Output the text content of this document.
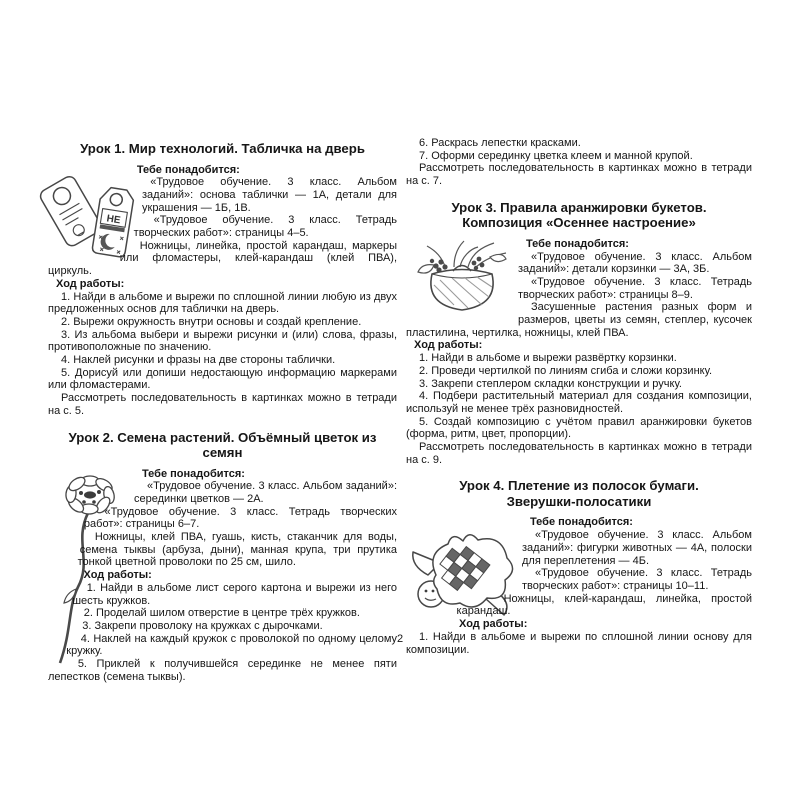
Урок 1. Мир технологий. Табличка на дверь
НЕ

Тебе понадобится:

«Трудовое обучение. 3 класс. Альбом заданий»: основа таблички — 1А, детали для украшения — 1Б, 1В.

«Трудовое обучение. 3 класс. Тетрадь творческих работ»: страницы 4–5.

Ножницы, линейка, простой карандаш, маркеры или фломастеры, клей-карандаш (клей ПВА), циркуль.

Ход работы:

1. Найди в альбоме и вырежи по сплошной линии любую из двух предложенных основ для таблички на дверь.

2. Вырежи окружность внутри основы и создай крепление.

3. Из альбома выбери и вырежи рисунки и (или) слова, фразы, противоположные по значению.

4. Наклей рисунки и фразы на две стороны таблички.

5. Дорисуй или допиши недостающую информацию маркерами или фломастерами.

Рассмотреть последовательность в картинках можно в тетради на с. 5.

Урок 2. Семена растений. Объёмный цветок из семян

Тебе понадобится:

«Трудовое обучение. 3 класс. Альбом заданий»: серединки цветков — 2А.

«Трудовое обучение. 3 класс. Тетрадь творческих работ»: страницы 6–7.

Ножницы, клей ПВА, гуашь, кисть, стаканчик для воды, семена тыквы (арбуза, дыни), манная крупа, три прутика тонкой цветной проволоки по 25 см, шило.

Ход работы:

1. Найди в альбоме лист серого картона и вырежи из него шесть кружков.

2. Проделай шилом отверстие в центре трёх кружков.

3. Закрепи проволоку на кружках с дырочками.

4. Наклей на каждый кружок с проволокой по одному целому кружку.

5. Приклей к получившейся серединке не менее пяти лепестков (семена тыквы).

6. Раскрась лепестки красками.

7. Оформи серединку цветка клеем и манной крупой.

Рассмотреть последовательность в картинках можно в тетради на с. 7.

Урок 3. Правила аранжировки букетов.
Композиция «Осеннее настроение»

Тебе понадобится:

«Трудовое обучение. 3 класс. Альбом заданий»: детали корзинки — 3А, 3Б.

«Трудовое обучение. 3 класс. Тетрадь творческих работ»: страницы 8–9.

Засушенные растения разных форм и размеров, цветы из семян, степлер, кусочек пластилина, чертилка, ножницы, клей ПВА.

Ход работы:

1. Найди в альбоме и вырежи развёртку корзинки.

2. Проведи чертилкой по линиям сгиба и сложи корзинку.

3. Закрепи степлером складки конструкции и ручку.

4. Подбери растительный материал для создания композиции, используй не менее трёх разновидностей.

5. Создай композицию с учётом правил аранжировки букетов (форма, ритм, цвет, пропорции).

Рассмотреть последовательность в картинках можно в тетради на с. 9.

Урок 4. Плетение из полосок бумаги.
Зверушки-полосатики

Тебе понадобится:

«Трудовое обучение. 3 класс. Альбом заданий»: фигурки животных — 4А, полоски для переплетения — 4Б.

«Трудовое обучение. 3 класс. Тетрадь творческих работ»: страницы 10–11.

Ножницы, клей-карандаш, линейка, простой карандаш.

Ход работы:

1. Найди в альбоме и вырежи по сплошной линии основу для композиции.

2
